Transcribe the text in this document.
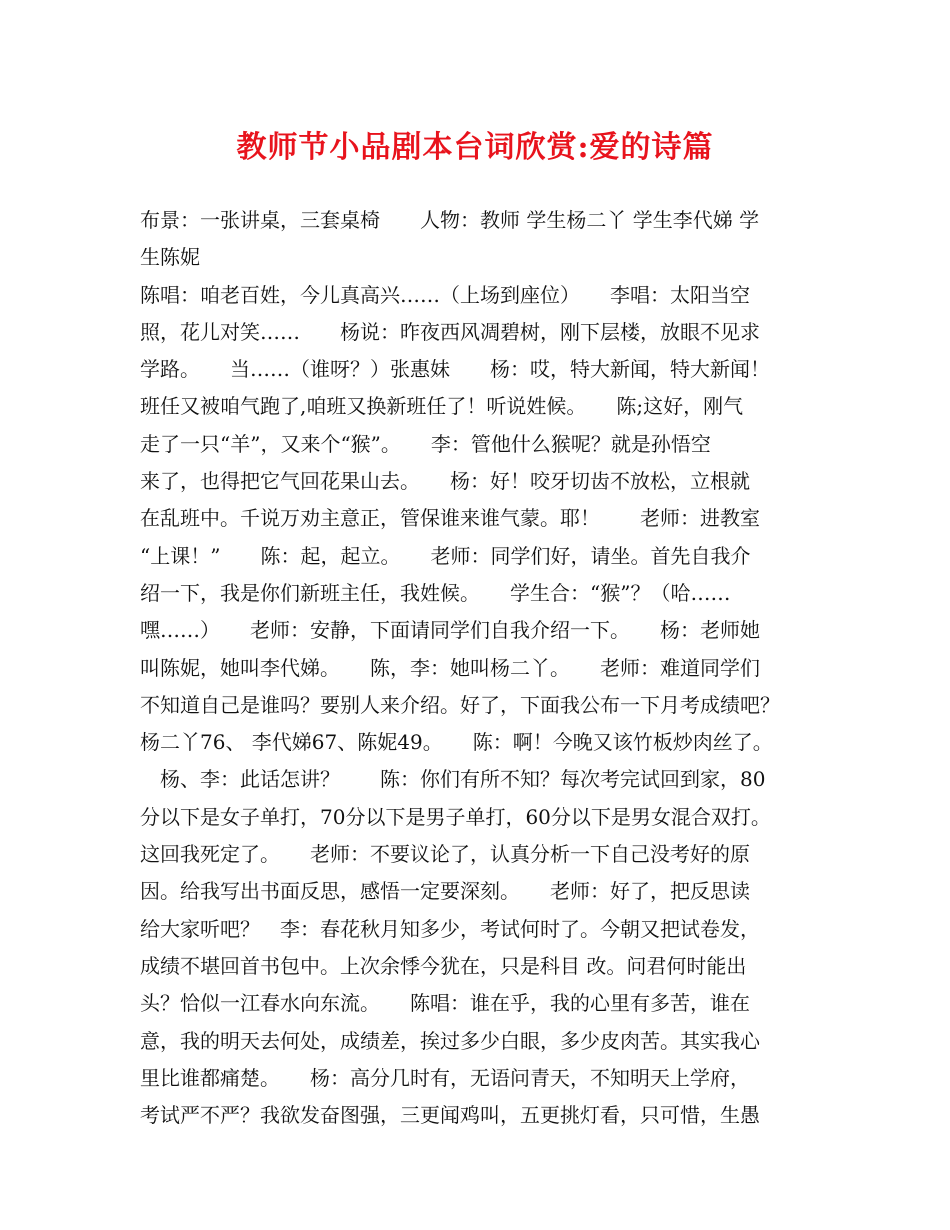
教师节小品剧本台词欣赏:爱的诗篇
布景：一张讲桌，三套桌椅　　人物：教师 学生杨二丫 学生李代娣 学
生陈妮
陈唱：咱老百姓，今儿真高兴……（上场到座位）　　李唱：太阳当空
照，花儿对笑……　　杨说：昨夜西风凋碧树，刚下层楼，放眼不见求
学路。　　当……（谁呀？）张惠妹　　杨：哎，特大新闻，特大新闻！
班任又被咱气跑了,咱班又换新班任了！听说姓候。　　陈;这好，刚气
走了一只“羊”，又来个“猴”。　　李：管他什么猴呢？就是孙悟空
来了，也得把它气回花果山去。　　杨：好！咬牙切齿不放松，立根就
在乱班中。千说万劝主意正，管保谁来谁气蒙。耶！　　老师：进教室
“上课！”　　陈：起，起立。　　老师：同学们好，请坐。首先自我介
绍一下，我是你们新班主任，我姓候。　　学生合：“猴”？（哈……
嘿……）　　老师：安静，下面请同学们自我介绍一下。　　杨：老师她
叫陈妮，她叫李代娣。　　陈，李：她叫杨二丫。　　老师：难道同学们
不知道自己是谁吗？要别人来介绍。好了，下面我公布一下月考成绩吧？
杨二丫76、 李代娣67、陈妮49。　　陈：啊！今晚又该竹板炒肉丝了。
　杨、李：此话怎讲？　　陈：你们有所不知？每次考完试回到家，80
分以下是女子单打，70分以下是男子单打，60分以下是男女混合双打。
这回我死定了。　　老师：不要议论了，认真分析一下自己没考好的原
因。给我写出书面反思，感悟一定要深刻。　　老师：好了，把反思读
给大家听吧？　李：春花秋月知多少，考试何时了。今朝又把试卷发，
成绩不堪回首书包中。上次余悸今犹在，只是科目 改。问君何时能出
头？恰似一江春水向东流。　　陈唱：谁在乎，我的心里有多苦，谁在
意，我的明天去何处，成绩差，挨过多少白眼，多少皮肉苦。其实我心
里比谁都痛楚。　　杨：高分几时有，无语问青天，不知明天上学府，
考试严不严？我欲发奋图强，三更闻鸡叫，五更挑灯看，只可惜，生愚
